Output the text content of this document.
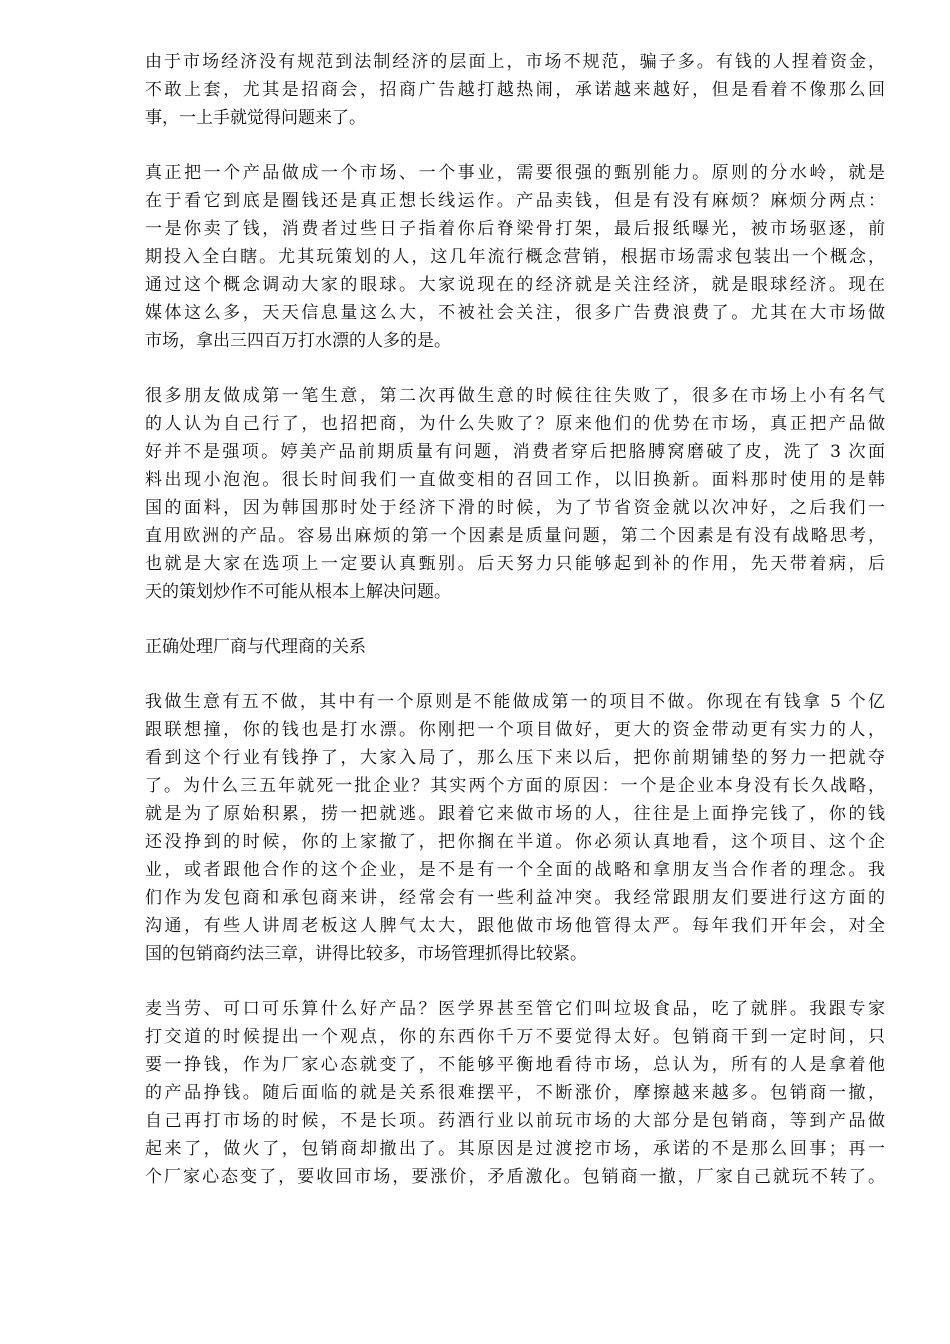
由于市场经济没有规范到法制经济的层面上，市场不规范，骗子多。有钱的人捏着资金，
不敢上套，尤其是招商会，招商广告越打越热闹，承诺越来越好，但是看着不像那么回
事，一上手就觉得问题来了。

真正把一个产品做成一个市场、一个事业，需要很强的甄别能力。原则的分水岭，就是
在于看它到底是圈钱还是真正想长线运作。产品卖钱，但是有没有麻烦？麻烦分两点：
一是你卖了钱，消费者过些日子指着你后脊梁骨打架，最后报纸曝光，被市场驱逐，前
期投入全白瞎。尤其玩策划的人，这几年流行概念营销，根据市场需求包装出一个概念，
通过这个概念调动大家的眼球。大家说现在的经济就是关注经济，就是眼球经济。现在
媒体这么多，天天信息量这么大，不被社会关注，很多广告费浪费了。尤其在大市场做
市场，拿出三四百万打水漂的人多的是。

很多朋友做成第一笔生意，第二次再做生意的时候往往失败了，很多在市场上小有名气
的人认为自己行了，也招把商，为什么失败了？原来他们的优势在市场，真正把产品做
好并不是强项。婷美产品前期质量有问题，消费者穿后把胳膊窝磨破了皮，洗了 3 次面
料出现小泡泡。很长时间我们一直做变相的召回工作，以旧换新。面料那时使用的是韩
国的面料，因为韩国那时处于经济下滑的时候，为了节省资金就以次冲好，之后我们一
直用欧洲的产品。容易出麻烦的第一个因素是质量问题，第二个因素是有没有战略思考，
也就是大家在选项上一定要认真甄别。后天努力只能够起到补的作用，先天带着病，后
天的策划炒作不可能从根本上解决问题。

正确处理厂商与代理商的关系

我做生意有五不做，其中有一个原则是不能做成第一的项目不做。你现在有钱拿 5 个亿
跟联想撞，你的钱也是打水漂。你刚把一个项目做好，更大的资金带动更有实力的人，
看到这个行业有钱挣了，大家入局了，那么压下来以后，把你前期铺垫的努力一把就夺
了。为什么三五年就死一批企业？其实两个方面的原因：一个是企业本身没有长久战略，
就是为了原始积累，捞一把就逃。跟着它来做市场的人，往往是上面挣完钱了，你的钱
还没挣到的时候，你的上家撤了，把你搁在半道。你必须认真地看，这个项目、这个企
业，或者跟他合作的这个企业，是不是有一个全面的战略和拿朋友当合作者的理念。我
们作为发包商和承包商来讲，经常会有一些利益冲突。我经常跟朋友们要进行这方面的
沟通，有些人讲周老板这人脾气太大，跟他做市场他管得太严。每年我们开年会，对全
国的包销商约法三章，讲得比较多，市场管理抓得比较紧。

麦当劳、可口可乐算什么好产品？医学界甚至管它们叫垃圾食品，吃了就胖。我跟专家
打交道的时候提出一个观点，你的东西你千万不要觉得太好。包销商干到一定时间，只
要一挣钱，作为厂家心态就变了，不能够平衡地看待市场，总认为，所有的人是拿着他
的产品挣钱。随后面临的就是关系很难摆平，不断涨价，摩擦越来越多。包销商一撤，
自己再打市场的时候，不是长项。药酒行业以前玩市场的大部分是包销商，等到产品做
起来了，做火了，包销商却撤出了。其原因是过渡挖市场，承诺的不是那么回事；再一
个厂家心态变了，要收回市场，要涨价，矛盾激化。包销商一撤，厂家自己就玩不转了。
